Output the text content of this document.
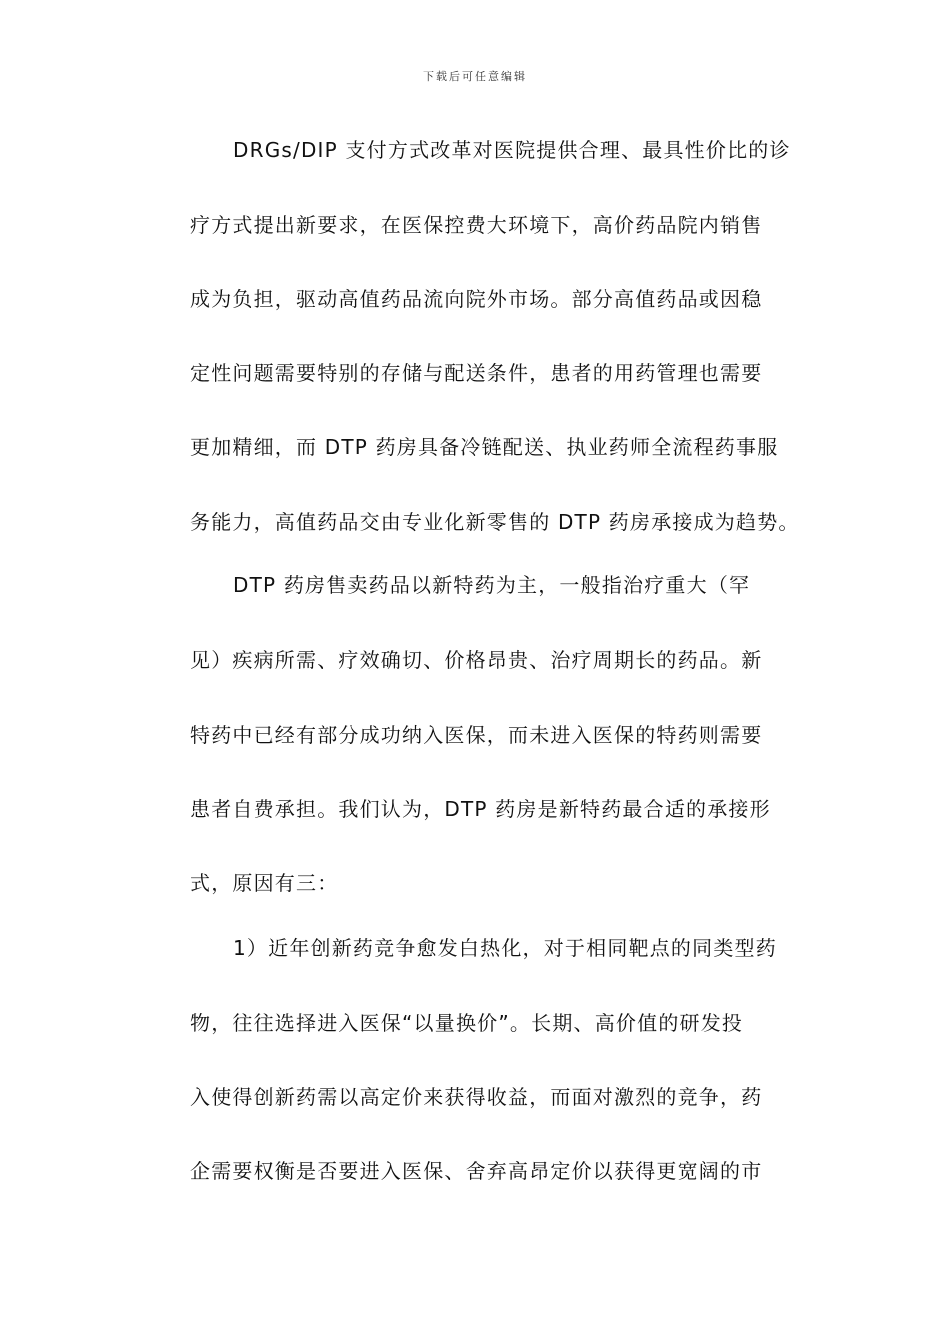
下载后可任意编辑
DRGs/DIP 支付方式改革对医院提供合理、最具性价比的诊
疗方式提出新要求，在医保控费大环境下，高价药品院内销售
成为负担，驱动高值药品流向院外市场。部分高值药品或因稳
定性问题需要特别的存储与配送条件，患者的用药管理也需要
更加精细，而 DTP 药房具备冷链配送、执业药师全流程药事服
务能力，高值药品交由专业化新零售的 DTP 药房承接成为趋势。
DTP 药房售卖药品以新特药为主，一般指治疗重大（罕
见）疾病所需、疗效确切、价格昂贵、治疗周期长的药品。新
特药中已经有部分成功纳入医保，而未进入医保的特药则需要
患者自费承担。我们认为，DTP 药房是新特药最合适的承接形
式，原因有三：
1）近年创新药竞争愈发白热化，对于相同靶点的同类型药
物，往往选择进入医保“以量换价”。长期、高价值的研发投
入使得创新药需以高定价来获得收益，而面对激烈的竞争，药
企需要权衡是否要进入医保、舍弃高昂定价以获得更宽阔的市
